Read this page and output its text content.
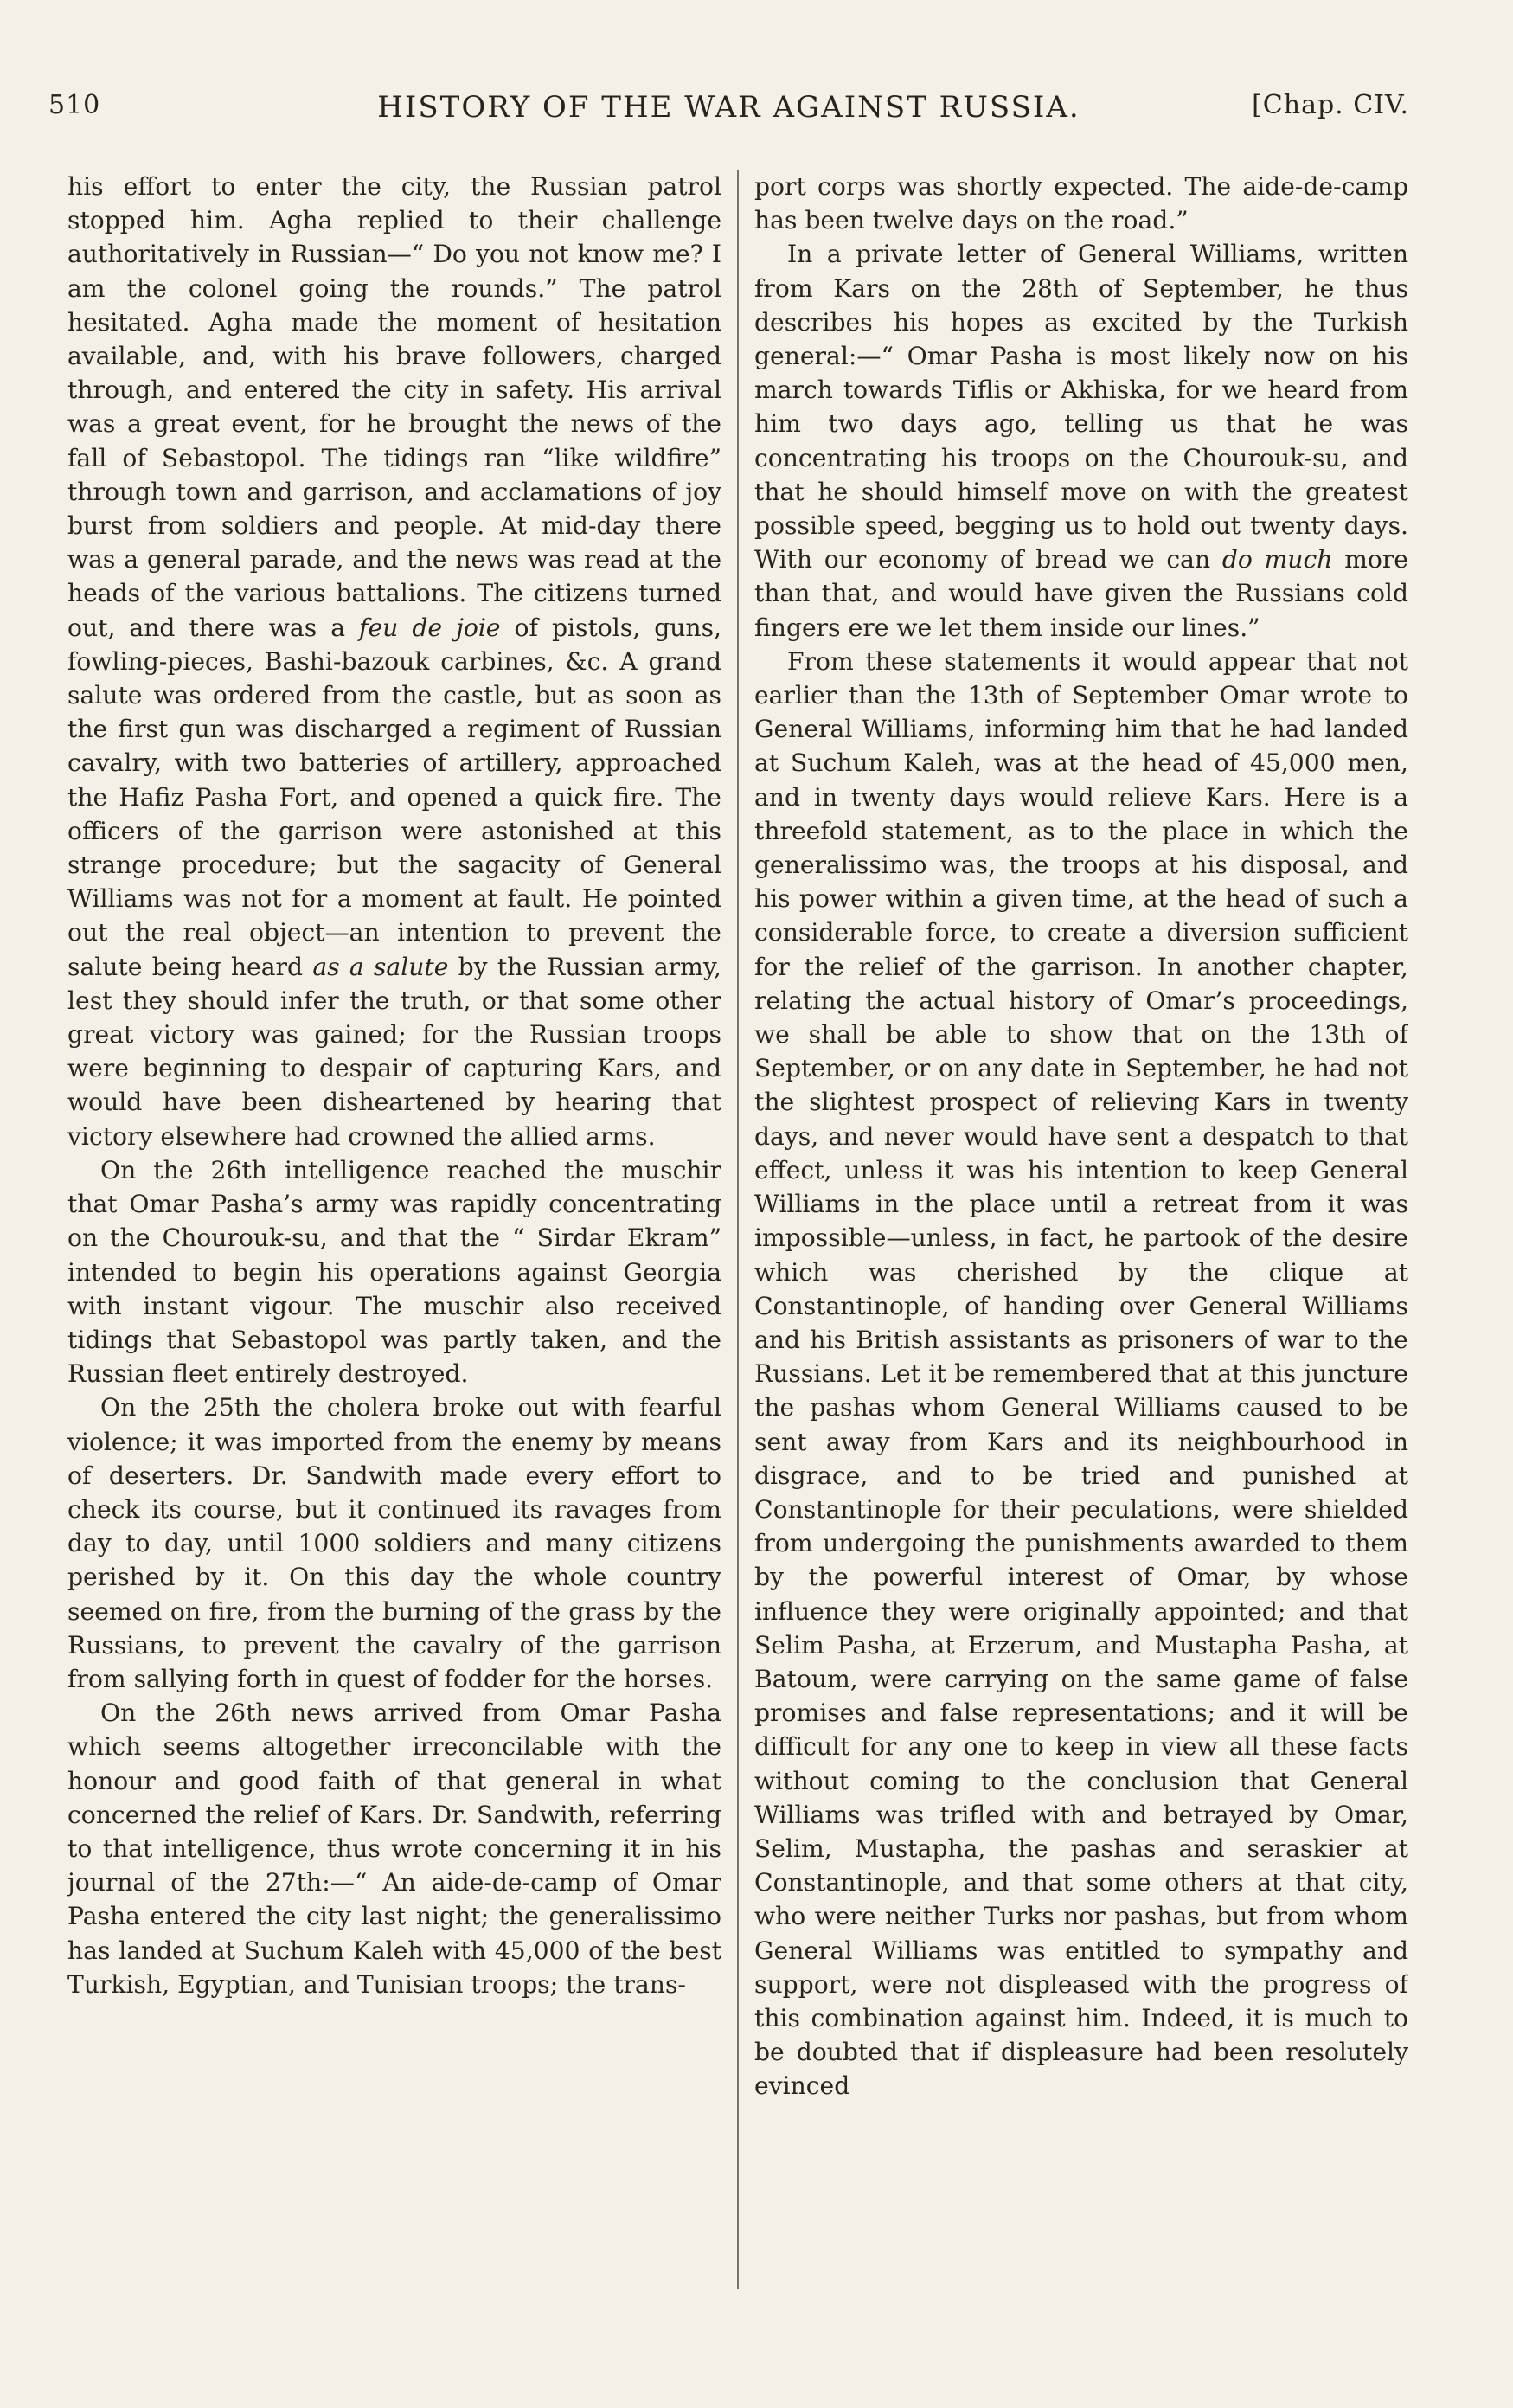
510	HISTORY OF THE WAR AGAINST RUSSIA.	[Chap. CIV.

his effort to enter the city, the Russian patrol stopped him. Agha replied to their challenge authoritatively in Russian—“ Do you not know me? I am the colonel going the rounds.” The patrol hesitated. Agha made the moment of hesitation available, and, with his brave followers, charged through, and entered the city in safety. His arrival was a great event, for he brought the news of the fall of Sebastopol. The tidings ran “like wildfire” through town and garrison, and acclamations of joy burst from soldiers and people. At mid-day there was a general parade, and the news was read at the heads of the various battalions. The citizens turned out, and there was a feu de joie of pistols, guns, fowling-pieces, Bashi-bazouk carbines, &c. A grand salute was ordered from the castle, but as soon as the first gun was discharged a regiment of Russian cavalry, with two batteries of artillery, approached the Hafiz Pasha Fort, and opened a quick fire. The officers of the garrison were astonished at this strange procedure; but the sagacity of General Williams was not for a moment at fault. He pointed out the real object—an intention to prevent the salute being heard as a salute by the Russian army, lest they should infer the truth, or that some other great victory was gained; for the Russian troops were beginning to despair of capturing Kars, and would have been disheartened by hearing that victory elsewhere had crowned the allied arms.

On the 26th intelligence reached the muschir that Omar Pasha’s army was rapidly concentrating on the Chourouk-su, and that the “ Sirdar Ekram” intended to begin his operations against Georgia with instant vigour. The muschir also received tidings that Sebastopol was partly taken, and the Russian fleet entirely destroyed.

On the 25th the cholera broke out with fearful violence; it was imported from the enemy by means of deserters. Dr. Sandwith made every effort to check its course, but it continued its ravages from day to day, until 1000 soldiers and many citizens perished by it. On this day the whole country seemed on fire, from the burning of the grass by the Russians, to prevent the cavalry of the garrison from sallying forth in quest of fodder for the horses.

On the 26th news arrived from Omar Pasha which seems altogether irreconcilable with the honour and good faith of that general in what concerned the relief of Kars. Dr. Sandwith, referring to that intelligence, thus wrote concerning it in his journal of the 27th:—“ An aide-de-camp of Omar Pasha entered the city last night; the generalissimo has landed at Suchum Kaleh with 45,000 of the best Turkish, Egyptian, and Tunisian troops; the trans-

port corps was shortly expected. The aide-de-camp has been twelve days on the road.”

In a private letter of General Williams, written from Kars on the 28th of September, he thus describes his hopes as excited by the Turkish general:—“ Omar Pasha is most likely now on his march towards Tiflis or Akhiska, for we heard from him two days ago, telling us that he was concentrating his troops on the Chourouk-su, and that he should himself move on with the greatest possible speed, begging us to hold out twenty days. With our economy of bread we can do much more than that, and would have given the Russians cold fingers ere we let them inside our lines.”

From these statements it would appear that not earlier than the 13th of September Omar wrote to General Williams, informing him that he had landed at Suchum Kaleh, was at the head of 45,000 men, and in twenty days would relieve Kars. Here is a threefold statement, as to the place in which the generalissimo was, the troops at his disposal, and his power within a given time, at the head of such a considerable force, to create a diversion sufficient for the relief of the garrison. In another chapter, relating the actual history of Omar’s proceedings, we shall be able to show that on the 13th of September, or on any date in September, he had not the slightest prospect of relieving Kars in twenty days, and never would have sent a despatch to that effect, unless it was his intention to keep General Williams in the place until a retreat from it was impossible—unless, in fact, he partook of the desire which was cherished by the clique at Constantinople, of handing over General Williams and his British assistants as prisoners of war to the Russians. Let it be remembered that at this juncture the pashas whom General Williams caused to be sent away from Kars and its neighbourhood in disgrace, and to be tried and punished at Constantinople for their peculations, were shielded from undergoing the punishments awarded to them by the powerful interest of Omar, by whose influence they were originally appointed; and that Selim Pasha, at Erzerum, and Mustapha Pasha, at Batoum, were carrying on the same game of false promises and false representations; and it will be difficult for any one to keep in view all these facts without coming to the conclusion that General Williams was trifled with and betrayed by Omar, Selim, Mustapha, the pashas and seraskier at Constantinople, and that some others at that city, who were neither Turks nor pashas, but from whom General Williams was entitled to sympathy and support, were not displeased with the progress of this combination against him. Indeed, it is much to be doubted that if displeasure had been resolutely evinced
